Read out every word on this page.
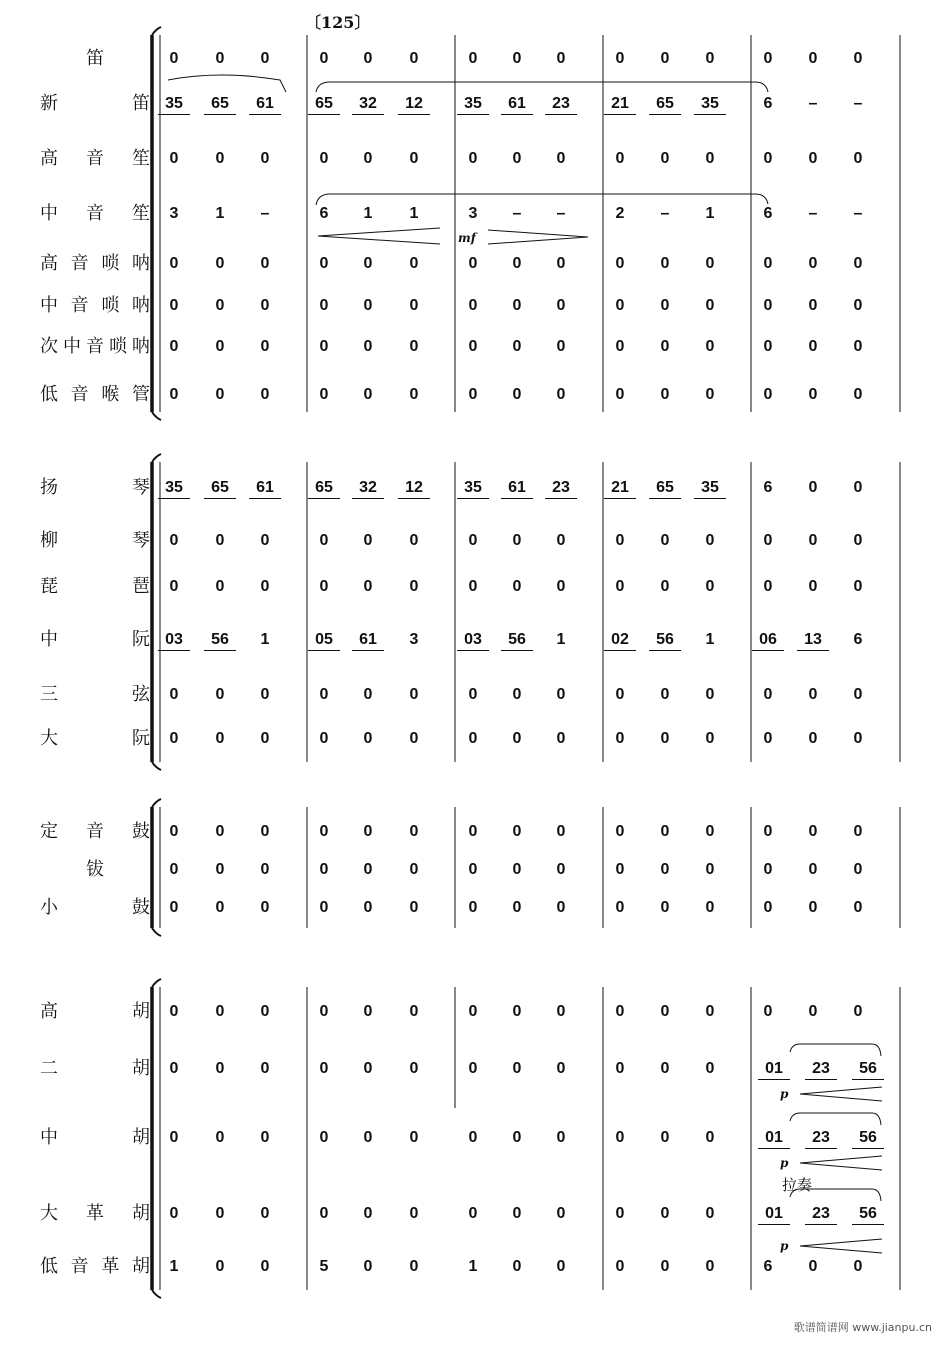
〔125〕
拉奏
歌谱简谱网 www.jianpu.cn
笛	0	0	0	0	0	0	0	0	0	0	0	0	0	0	0
新笛 35	65	61	65	32	12	35	61	23	21	65	35	6	–	–
高音笙	0	0	0	0	0	0	0	0	0	0	0	0	0	0	0
中音笙	3	1	–	6	1	1	3	–	–	2	–	1	6	–	–
高音唢呐	0	0	0	0	0	0	0	0	0	0	0	0	0	0	0
中音唢呐	0	0	0	0	0	0	0	0	0	0	0	0	0	0	0
次中音唢呐	0	0	0	0	0	0	0	0	0	0	0	0	0	0	0
低音喉管	0	0	0	0	0	0	0	0	0	0	0	0	0	0	0
扬琴 35	65	61	65	32	12	35	61	23	21	65	35	6	0	0
柳琴	0	0	0	0	0	0	0	0	0	0	0	0	0	0	0
琵琶	0	0	0	0	0	0	0	0	0	0	0	0	0	0	0
中阮 03	56	1	05	61	3	03	56	1	02	56	1	06	13	6
三弦	0	0	0	0	0	0	0	0	0	0	0	0	0	0	0
大阮	0	0	0	0	0	0	0	0	0	0	0	0	0	0	0
定音鼓	0	0	0	0	0	0	0	0	0	0	0	0	0	0	0
钹	0	0	0	0	0	0	0	0	0	0	0	0	0	0	0
小鼓	0	0	0	0	0	0	0	0	0	0	0	0	0	0	0
高胡	0	0	0	0	0	0	0	0	0	0	0	0	0	0	0
二胡	0	0	0	0	0	0	0	0	0	0	0	0	01	23	56
中胡	0	0	0	0	0	0	0	0	0	0	0	0	01	23	56
大革胡	0	0	0	0	0	0	0	0	0	0	0	0	01	23	56
低音革胡	1	0	0	5	0	0	1	0	0	0	0	0	6	0	0
mf
p
p
p
